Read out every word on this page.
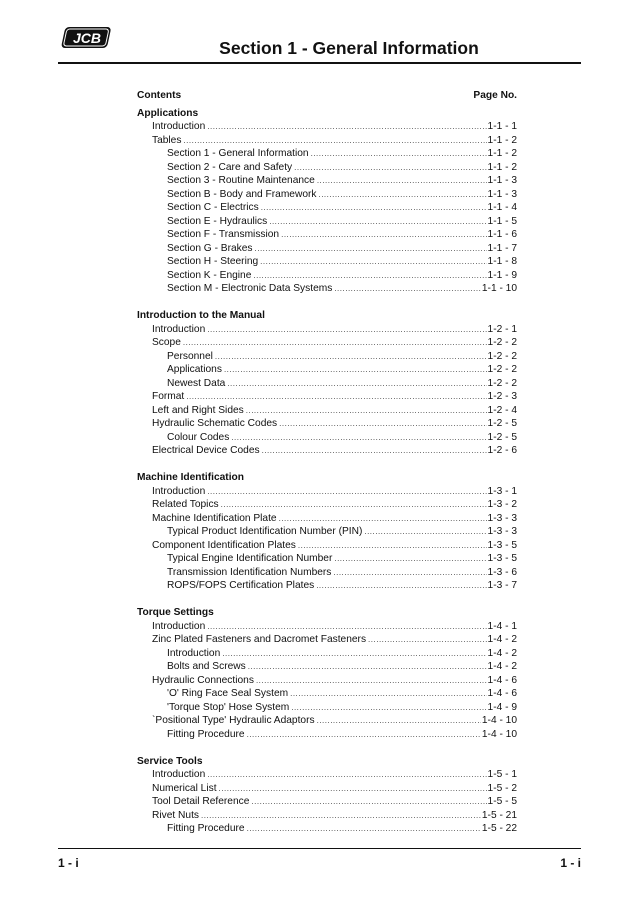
JCB	Section 1 - General Information
Contents	Page No.
Applications
Introduction .....	1-1 - 1
Tables .....	1-1 - 2
Section 1 - General Information .....	1-1 - 2
Section 2 - Care and Safety .....	1-1 - 2
Section 3 - Routine Maintenance .....	1-1 - 3
Section B - Body and Framework .....	1-1 - 3
Section C - Electrics .....	1-1 - 4
Section E - Hydraulics .....	1-1 - 5
Section F - Transmission .....	1-1 - 6
Section G - Brakes .....	1-1 - 7
Section H - Steering .....	1-1 - 8
Section K - Engine .....	1-1 - 9
Section M - Electronic Data Systems .....	1-1 - 10
Introduction to the Manual
Introduction .....	1-2 - 1
Scope .....	1-2 - 2
Personnel .....	1-2 - 2
Applications .....	1-2 - 2
Newest Data .....	1-2 - 2
Format .....	1-2 - 3
Left and Right Sides .....	1-2 - 4
Hydraulic Schematic Codes .....	1-2 - 5
Colour Codes .....	1-2 - 5
Electrical Device Codes .....	1-2 - 6
Machine Identification
Introduction .....	1-3 - 1
Related Topics .....	1-3 - 2
Machine Identification Plate .....	1-3 - 3
Typical Product Identification Number (PIN) .....	1-3 - 3
Component Identification Plates .....	1-3 - 5
Typical Engine Identification Number .....	1-3 - 5
Transmission Identification Numbers .....	1-3 - 6
ROPS/FOPS Certification Plates .....	1-3 - 7
Torque Settings
Introduction .....	1-4 - 1
Zinc Plated Fasteners and Dacromet Fasteners .....	1-4 - 2
Introduction .....	1-4 - 2
Bolts and Screws .....	1-4 - 2
Hydraulic Connections .....	1-4 - 6
'O' Ring Face Seal System .....	1-4 - 6
'Torque Stop' Hose System .....	1-4 - 9
`Positional Type' Hydraulic Adaptors .....	1-4 - 10
Fitting Procedure .....	1-4 - 10
Service Tools
Introduction .....	1-5 - 1
Numerical List .....	1-5 - 2
Tool Detail Reference .....	1-5 - 5
Rivet Nuts .....	1-5 - 21
Fitting Procedure .....	1-5 - 22
1 - i	1 - i
